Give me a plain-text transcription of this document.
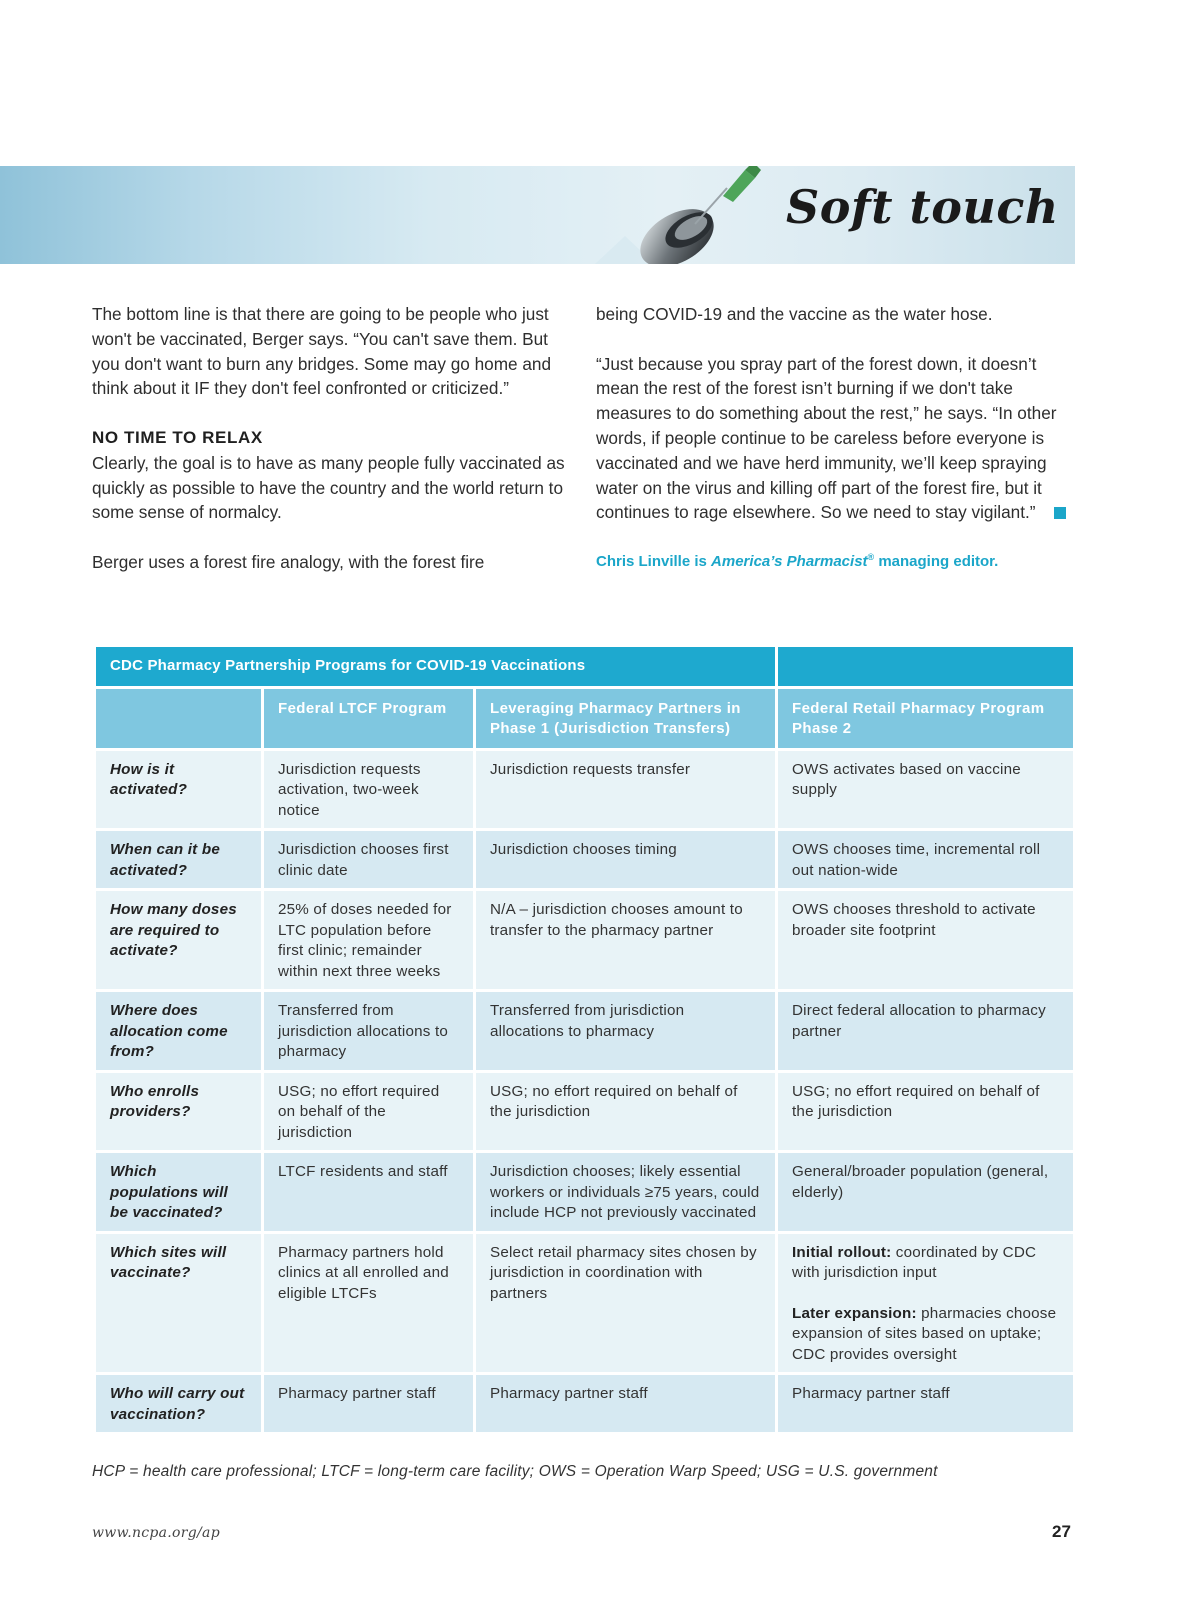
Soft touch

The bottom line is that there are going to be people who just won't be vaccinated, Berger says. “You can't save them. But you don't want to burn any bridges. Some may go home and think about it IF they don't feel confronted or criticized.”

NO TIME TO RELAX

Clearly, the goal is to have as many people fully vaccinated as quickly as possible to have the country and the world return to some sense of normalcy.

Berger uses a forest fire analogy, with the forest fire

being COVID-19 and the vaccine as the water hose.

“Just because you spray part of the forest down, it doesn’t mean the rest of the forest isn’t burning if we don't take measures to do something about the rest,” he says. “In other words, if people continue to be careless before everyone is vaccinated and we have herd immunity, we’ll keep spraying water on the virus and killing off part of the forest fire, but it continues to rage elsewhere. So we need to stay vigilant.”

Chris Linville is America’s Pharmacist® managing editor.
CDC Pharmacy Partnership Programs for COVID-19 Vaccinations			
	Federal LTCF Program	Leveraging Pharmacy Partners in Phase 1 (Jurisdiction Transfers)	Federal Retail Pharmacy Program Phase 2
How is it activated?	Jurisdiction requests activation, two-week notice	Jurisdiction requests transfer	OWS activates based on vaccine supply
When can it be activated?	Jurisdiction chooses first clinic date	Jurisdiction chooses timing	OWS chooses time, incremental roll out nation-wide
How many doses are required to activate?	25% of doses needed for LTC population before first clinic; remainder within next three weeks	N/A – jurisdiction chooses amount to transfer to the pharmacy partner	OWS chooses threshold to activate broader site footprint
Where does allocation come from?	Transferred from jurisdiction allocations to pharmacy	Transferred from jurisdiction allocations to pharmacy	Direct federal allocation to pharmacy partner
Who enrolls providers?	USG; no effort required on behalf of the jurisdiction	USG; no effort required on behalf of the jurisdiction	USG; no effort required on behalf of the jurisdiction
Which populations will be vaccinated?	LTCF residents and staff	Jurisdiction chooses; likely essential workers or individuals ≥75 years, could include HCP not previously vaccinated	General/broader population (general, elderly)
Which sites will vaccinate?	Pharmacy partners hold clinics at all enrolled and eligible LTCFs	Select retail pharmacy sites chosen by jurisdiction in coordination with partners	Initial rollout: coordinated by CDC with jurisdiction input
Later expansion: pharmacies choose expansion of sites based on uptake; CDC provides oversight
Who will carry out vaccination?	Pharmacy partner staff	Pharmacy partner staff	Pharmacy partner staff
HCP = health care professional; LTCF = long-term care facility; OWS = Operation Warp Speed; USG = U.S. government
www.ncpa.org/ap	27
